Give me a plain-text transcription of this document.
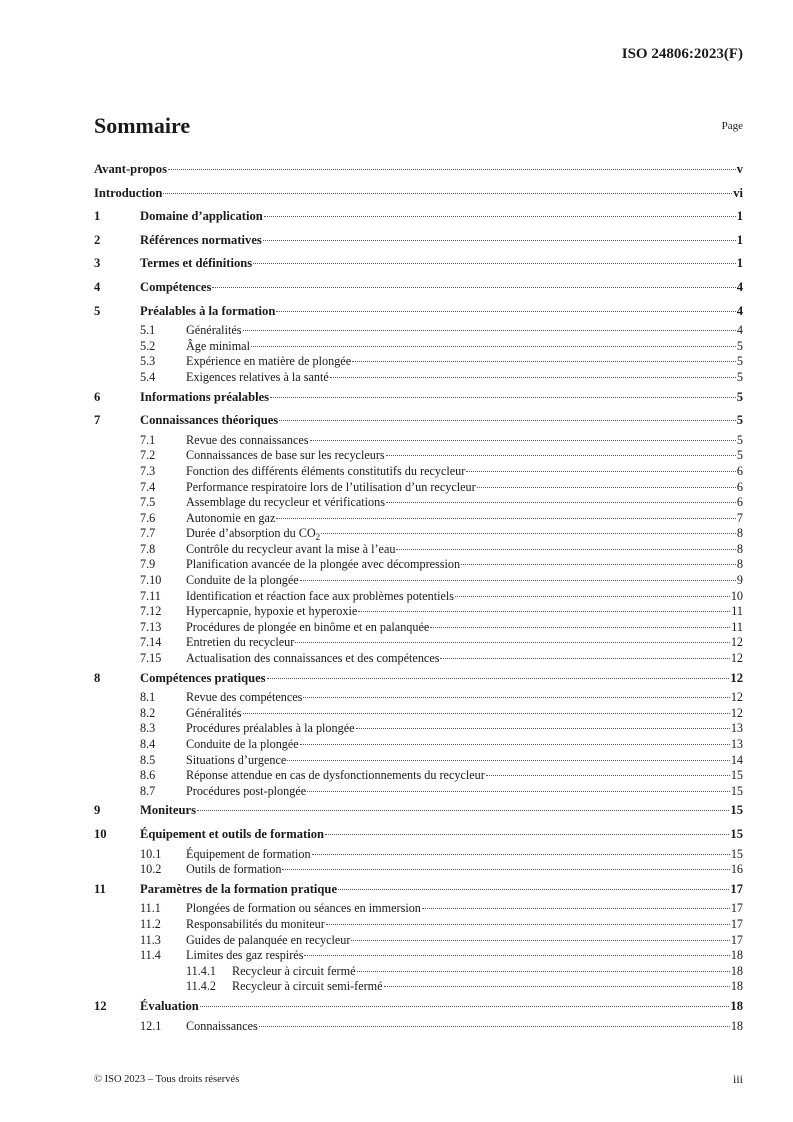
ISO 24806:2023(F)
Sommaire	Page
Avant-propos	v
Introduction	vi
1	Domaine d’application	1
2	Références normatives	1
3	Termes et définitions	1
4	Compétences	4
5	Préalables à la formation	4
5.1	Généralités	4
5.2	Âge minimal	5
5.3	Expérience en matière de plongée	5
5.4	Exigences relatives à la santé	5
6	Informations préalables	5
7	Connaissances théoriques	5
7.1	Revue des connaissances	5
7.2	Connaissances de base sur les recycleurs	5
7.3	Fonction des différents éléments constitutifs du recycleur	6
7.4	Performance respiratoire lors de l’utilisation d’un recycleur	6
7.5	Assemblage du recycleur et vérifications	6
7.6	Autonomie en gaz	7
7.7	Durée d’absorption du $CO_2$	8
7.8	Contrôle du recycleur avant la mise à l’eau	8
7.9	Planification avancée de la plongée avec décompression	8
7.10	Conduite de la plongée	9
7.11	Identification et réaction face aux problèmes potentiels	10
7.12	Hypercapnie, hypoxie et hyperoxie	11
7.13	Procédures de plongée en binôme et en palanquée	11
7.14	Entretien du recycleur	12
7.15	Actualisation des connaissances et des compétences	12
8	Compétences pratiques	12
8.1	Revue des compétences	12
8.2	Généralités	12
8.3	Procédures préalables à la plongée	13
8.4	Conduite de la plongée	13
8.5	Situations d’urgence	14
8.6	Réponse attendue en cas de dysfonctionnements du recycleur	15
8.7	Procédures post-plongée	15
9	Moniteurs	15
10	Équipement et outils de formation	15
10.1	Équipement de formation	15
10.2	Outils de formation	16
11	Paramètres de la formation pratique	17
11.1	Plongées de formation ou séances en immersion	17
11.2	Responsabilités du moniteur	17
11.3	Guides de palanquée en recycleur	17
11.4	Limites des gaz respirés	18
11.4.1	Recycleur à circuit fermé	18
11.4.2	Recycleur à circuit semi-fermé	18
12	Évaluation	18
12.1	Connaissances	18
© ISO 2023 – Tous droits réservés	iii
